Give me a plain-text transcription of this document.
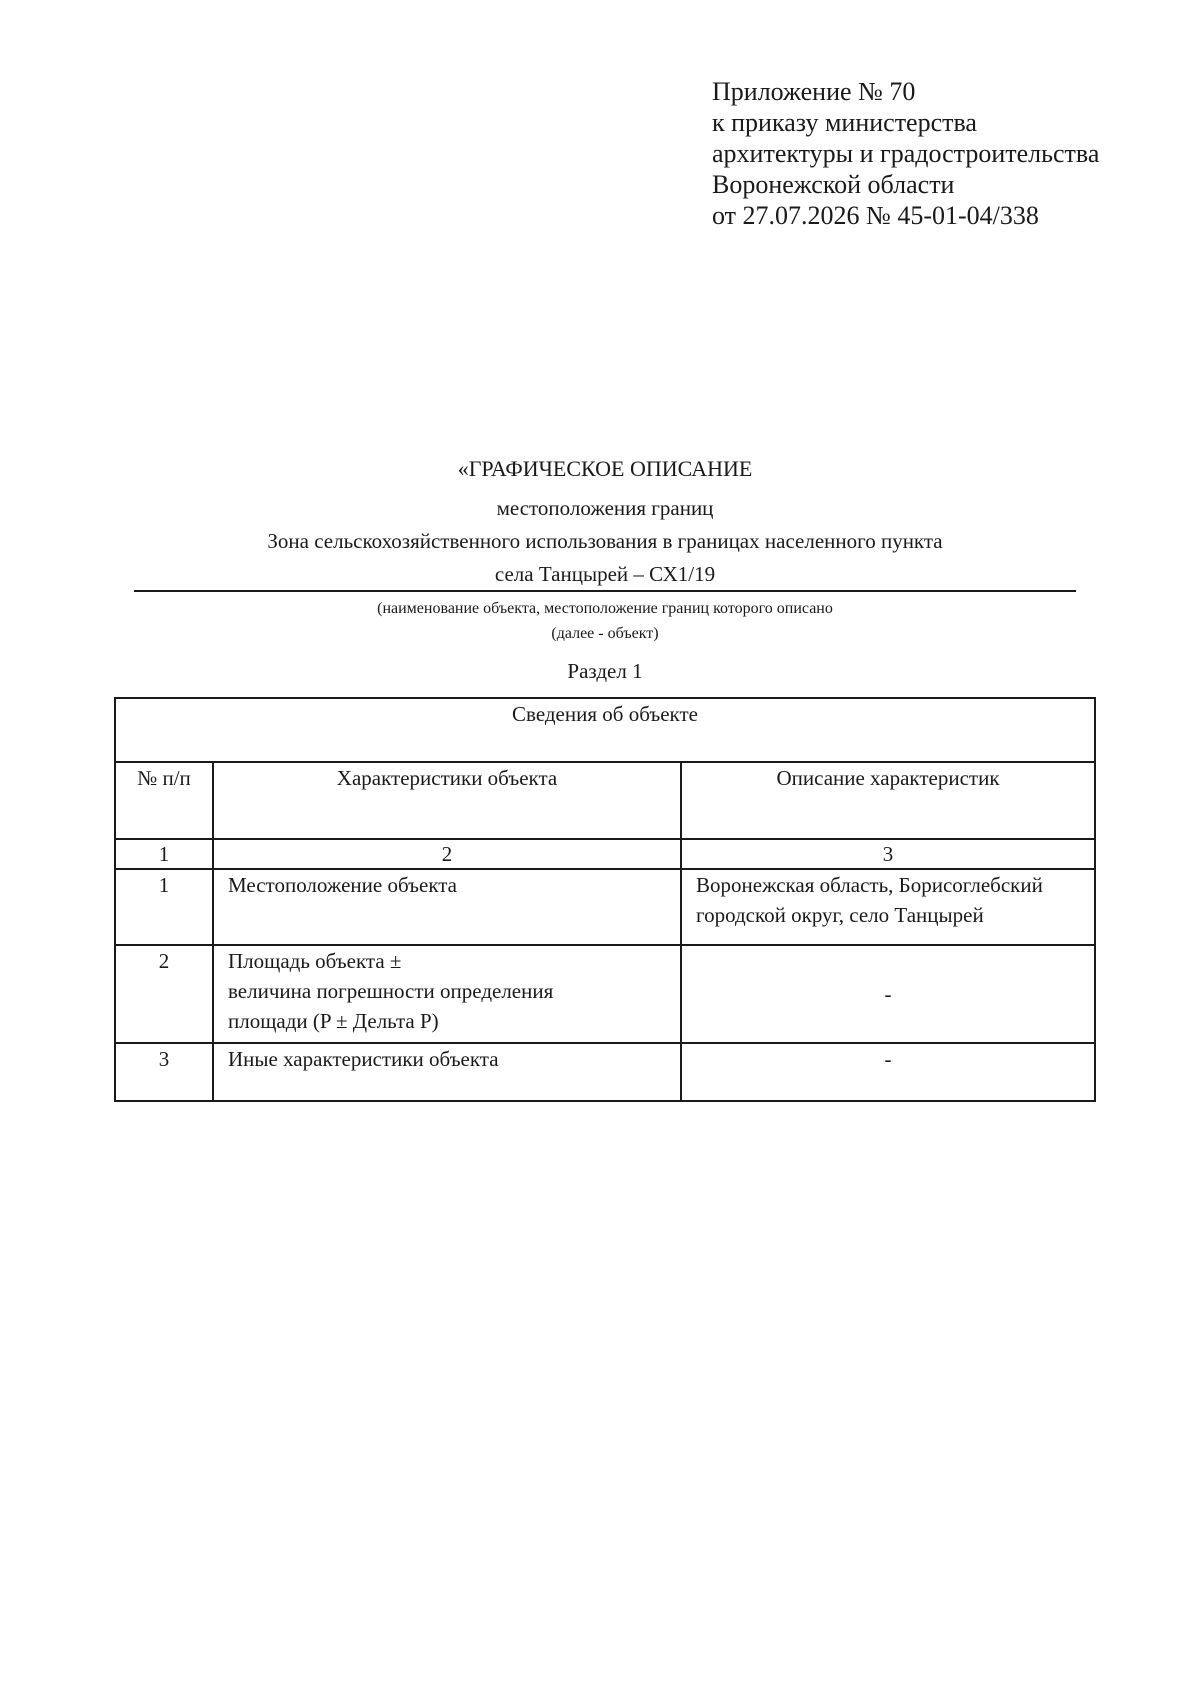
Приложение № 70
к приказу министерства
архитектуры и градостроительства
Воронежской области
от 27.07.2026 № 45-01-04/338
«ГРАФИЧЕСКОЕ ОПИСАНИЕ
местоположения границ
Зона сельскохозяйственного использования в границах населенного пункта
села Танцырей – СХ1/19
(наименование объекта, местоположение границ которого описано
(далее - объект)
Раздел 1
Сведения об объекте		
№ п/п	Характеристики объекта	Описание характеристик
1	2	3
1	Местоположение объекта	Воронежская область, Борисоглебский городской округ, село Танцырей
2	Площадь объекта ±
величина погрешности определения
площади (P ± Дельта P)	-
3	Иные характеристики объекта	-
